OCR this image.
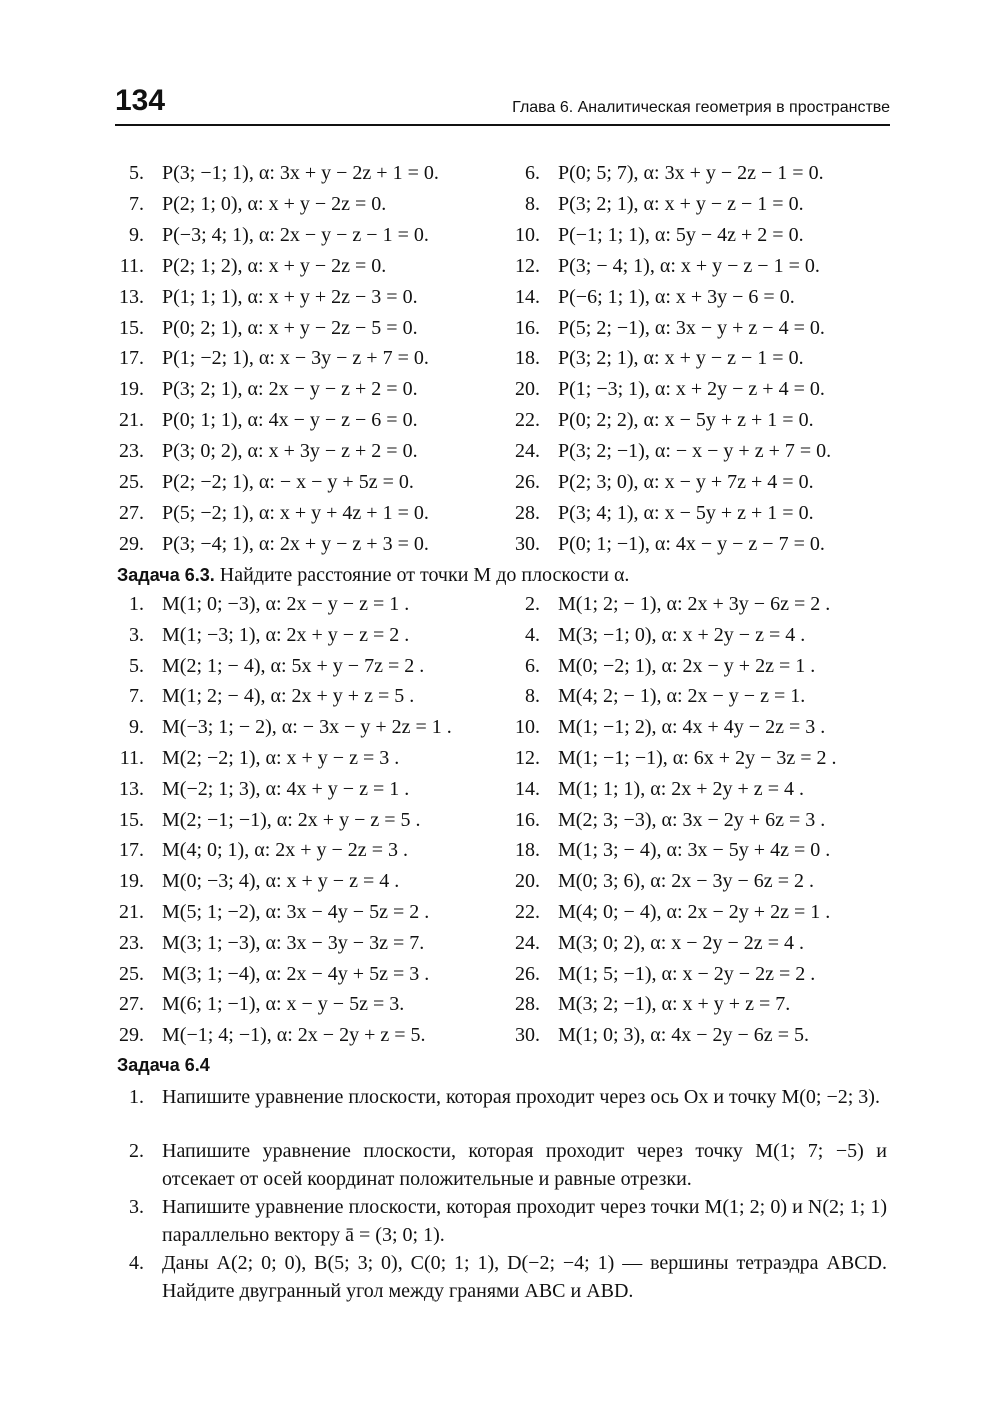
134	Глава 6. Аналитическая геометрия в пространстве
5. P(3; −1; 1), α: 3x + y − 2z + 1 = 0.	6. P(0; 5; 7), α: 3x + y − 2z − 1 = 0.
7. P(2; 1; 0), α: x + y − 2z = 0.	8. P(3; 2; 1), α: x + y − z − 1 = 0.
9. P(−3; 4; 1), α: 2x − y − z − 1 = 0.	10. P(−1; 1; 1), α: 5y − 4z + 2 = 0.
11. P(2; 1; 2), α: x + y − 2z = 0.	12. P(3; − 4; 1), α: x + y − z − 1 = 0.
13. P(1; 1; 1), α: x + y + 2z − 3 = 0.	14. P(−6; 1; 1), α: x + 3y − 6 = 0.
15. P(0; 2; 1), α: x + y − 2z − 5 = 0.	16. P(5; 2; −1), α: 3x − y + z − 4 = 0.
17. P(1; −2; 1), α: x − 3y − z + 7 = 0.	18. P(3; 2; 1), α: x + y − z − 1 = 0.
19. P(3; 2; 1), α: 2x − y − z + 2 = 0.	20. P(1; −3; 1), α: x + 2y − z + 4 = 0.
21. P(0; 1; 1), α: 4x − y − z − 6 = 0.	22. P(0; 2; 2), α: x − 5y + z + 1 = 0.
23. P(3; 0; 2), α: x + 3y − z + 2 = 0.	24. P(3; 2; −1), α: − x − y + z + 7 = 0.
25. P(2; −2; 1), α: − x − y + 5z = 0.	26. P(2; 3; 0), α: x − y + 7z + 4 = 0.
27. P(5; −2; 1), α: x + y + 4z + 1 = 0.	28. P(3; 4; 1), α: x − 5y + z + 1 = 0.
29. P(3; −4; 1), α: 2x + y − z + 3 = 0.	30. P(0; 1; −1), α: 4x − y − z − 7 = 0.
Задача 6.3. Найдите расстояние от точки M до плоскости α.
1. M(1; 0; −3), α: 2x − y − z = 1 .	2. M(1; 2; − 1), α: 2x + 3y − 6z = 2 .
3. M(1; −3; 1), α: 2x + y − z = 2 .	4. M(3; −1; 0), α: x + 2y − z = 4 .
5. M(2; 1; − 4), α: 5x + y − 7z = 2 .	6. M(0; −2; 1), α: 2x − y + 2z = 1 .
7. M(1; 2; − 4), α: 2x + y + z = 5 .	8. M(4; 2; − 1), α: 2x − y − z = 1.
9. M(−3; 1; − 2), α: − 3x − y + 2z = 1 .	10. M(1; −1; 2), α: 4x + 4y − 2z = 3 .
11. M(2; −2; 1), α: x + y − z = 3 .	12. M(1; −1; −1), α: 6x + 2y − 3z = 2 .
13. M(−2; 1; 3), α: 4x + y − z = 1 .	14. M(1; 1; 1), α: 2x + 2y + z = 4 .
15. M(2; −1; −1), α: 2x + y − z = 5 .	16. M(2; 3; −3), α: 3x − 2y + 6z = 3 .
17. M(4; 0; 1), α: 2x + y − 2z = 3 .	18. M(1; 3; − 4), α: 3x − 5y + 4z = 0 .
19. M(0; −3; 4), α: x + y − z = 4 .	20. M(0; 3; 6), α: 2x − 3y − 6z = 2 .
21. M(5; 1; −2), α: 3x − 4y − 5z = 2 .	22. M(4; 0; − 4), α: 2x − 2y + 2z = 1 .
23. M(3; 1; −3), α: 3x − 3y − 3z = 7.	24. M(3; 0; 2), α: x − 2y − 2z = 4 .
25. M(3; 1; −4), α: 2x − 4y + 5z = 3 .	26. M(1; 5; −1), α: x − 2y − 2z = 2 .
27. M(6; 1; −1), α: x − y − 5z = 3.	28. M(3; 2; −1), α: x + y + z = 7.
29. M(−1; 4; −1), α: 2x − 2y + z = 5.	30. M(1; 0; 3), α: 4x − 2y − 6z = 5.
Задача 6.4
1. Напишите уравнение плоскости, которая проходит через ось Ox и точку M(0; −2; 3).
2. Напишите уравнение плоскости, которая проходит через точку M(1; 7; −5) и отсекает от осей координат положительные и равные отрезки.
3. Напишите уравнение плоскости, которая проходит через точки M(1; 2; 0) и N(2; 1; 1) параллельно вектору ā = (3; 0; 1).
4. Даны A(2; 0; 0), B(5; 3; 0), C(0; 1; 1), D(−2; −4; 1) — вершины тетраэдра ABCD. Найдите двугранный угол между гранями ABC и ABD.
